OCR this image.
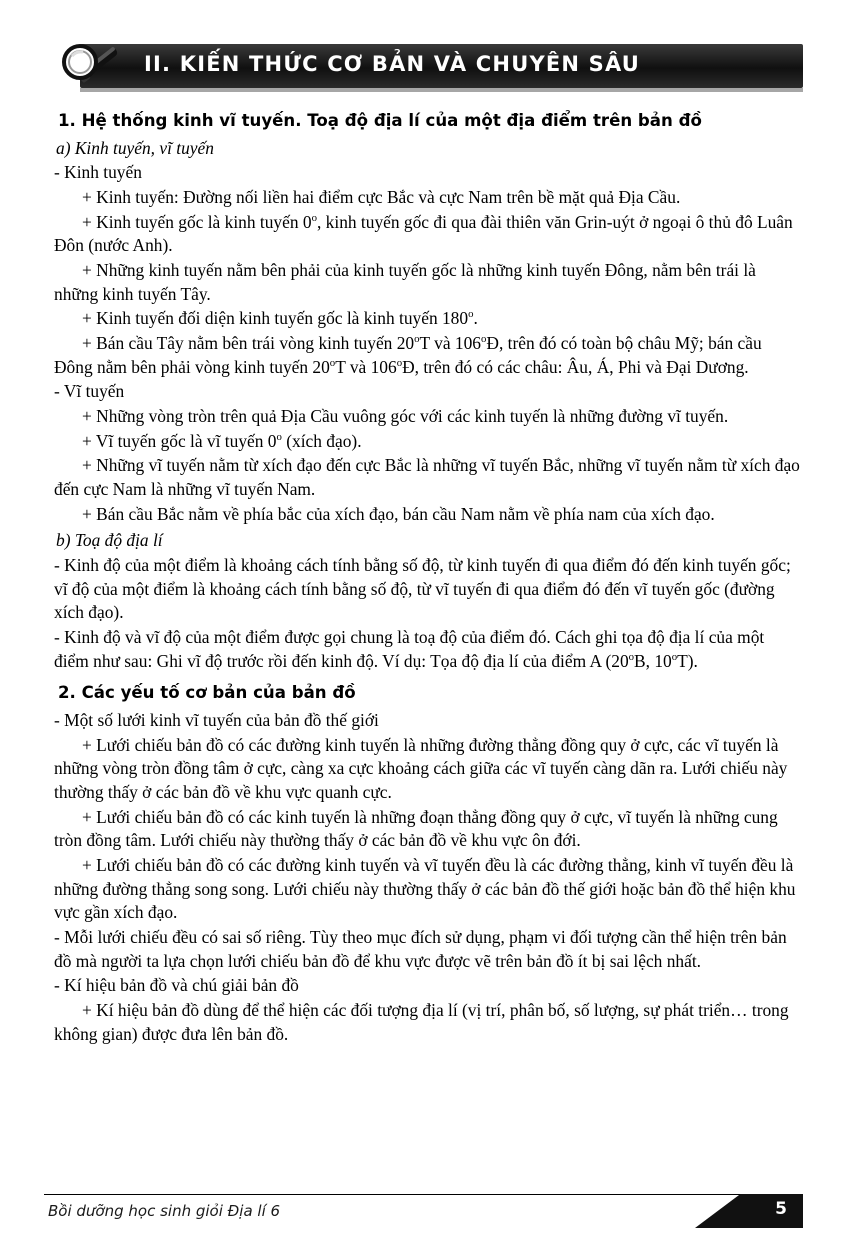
II. KIẾN THỨC CƠ BẢN VÀ CHUYÊN SÂU
1. Hệ thống kinh vĩ tuyến. Toạ độ địa lí của một địa điểm trên bản đồ
a) Kinh tuyến, vĩ tuyến
- Kinh tuyến
+ Kinh tuyến: Đường nối liền hai điểm cực Bắc và cực Nam trên bề mặt quả Địa Cầu.
+ Kinh tuyến gốc là kinh tuyến 0$^o$, kinh tuyến gốc đi qua đài thiên văn Grin-uýt ở ngoại ô thủ đô Luân Đôn (nước Anh).
+ Những kinh tuyến nằm bên phải của kinh tuyến gốc là những kinh tuyến Đông, nằm bên trái là những kinh tuyến Tây.
+ Kinh tuyến đối diện kinh tuyến gốc là kinh tuyến $180^o$.
+ Bán cầu Tây nằm bên trái vòng kinh tuyến 20$^o$T và 106$^o$Đ, trên đó có toàn bộ châu Mỹ; bán cầu Đông nằm bên phải vòng kinh tuyến 20$^o$T và 106$^o$Đ, trên đó có các châu: Âu, Á, Phi và Đại Dương.
- Vĩ tuyến
+ Những vòng tròn trên quả Địa Cầu vuông góc với các kinh tuyến là những đường vĩ tuyến.
+ Vĩ tuyến gốc là vĩ tuyến 0$^o$ (xích đạo).
+ Những vĩ tuyến nằm từ xích đạo đến cực Bắc là những vĩ tuyến Bắc, những vĩ tuyến nằm từ xích đạo đến cực Nam là những vĩ tuyến Nam.
+ Bán cầu Bắc nằm về phía bắc của xích đạo, bán cầu Nam nằm về phía nam của xích đạo.
b) Toạ độ địa lí
- Kinh độ của một điểm là khoảng cách tính bằng số độ, từ kinh tuyến đi qua điểm đó đến kinh tuyến gốc; vĩ độ của một điểm là khoảng cách tính bằng số độ, từ vĩ tuyến đi qua điểm đó đến vĩ tuyến gốc (đường xích đạo).
- Kinh độ và vĩ độ của một điểm được gọi chung là toạ độ của điểm đó. Cách ghi tọa độ địa lí của một điểm như sau: Ghi vĩ độ trước rồi đến kinh độ. Ví dụ: Tọa độ địa lí của điểm A (20$^o$B, 10$^o$T).
2. Các yếu tố cơ bản của bản đồ
- Một số lưới kinh vĩ tuyến của bản đồ thế giới
+ Lưới chiếu bản đồ có các đường kinh tuyến là những đường thẳng đồng quy ở cực, các vĩ tuyến là những vòng tròn đồng tâm ở cực, càng xa cực khoảng cách giữa các vĩ tuyến càng dãn ra. Lưới chiếu này thường thấy ở các bản đồ về khu vực quanh cực.
+ Lưới chiếu bản đồ có các kinh tuyến là những đoạn thẳng đồng quy ở cực, vĩ tuyến là những cung tròn đồng tâm. Lưới chiếu này thường thấy ở các bản đồ về khu vực ôn đới.
+ Lưới chiếu bản đồ có các đường kinh tuyến và vĩ tuyến đều là các đường thẳng, kinh vĩ tuyến đều là những đường thẳng song song. Lưới chiếu này thường thấy ở các bản đồ thế giới hoặc bản đồ thể hiện khu vực gần xích đạo.
- Mỗi lưới chiếu đều có sai số riêng. Tùy theo mục đích sử dụng, phạm vi đối tượng cần thể hiện trên bản đồ mà người ta lựa chọn lưới chiếu bản đồ để khu vực được vẽ trên bản đồ ít bị sai lệch nhất.
- Kí hiệu bản đồ và chú giải bản đồ
+ Kí hiệu bản đồ dùng để thể hiện các đối tượng địa lí (vị trí, phân bố, số lượng, sự phát triển… trong không gian) được đưa lên bản đồ.
Bồi dưỡng học sinh giỏi Địa lí 6	5
